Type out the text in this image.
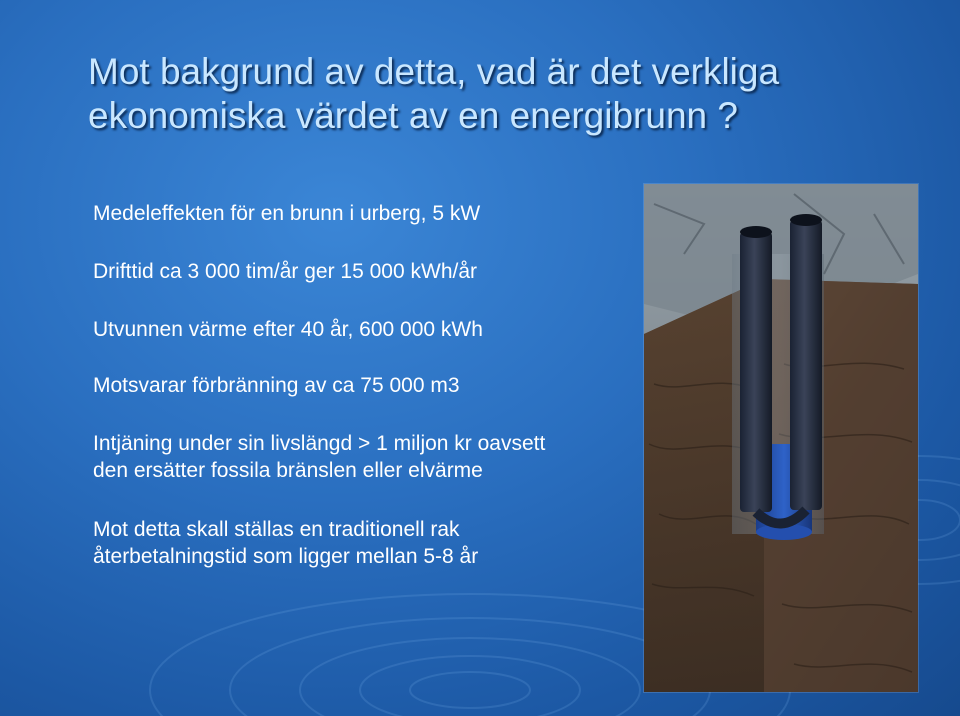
Mot bakgrund av detta, vad är det verkliga
ekonomiska värdet av en energibrunn ?
Medeleffekten för en brunn i urberg, 5 kW
Drifttid ca 3 000 tim/år ger 15 000 kWh/år
Utvunnen värme efter 40 år, 600 000 kWh
Motsvarar förbränning av ca 75 000 m3
Intjäning under sin livslängd > 1 miljon kr oavsett
den ersätter fossila bränslen eller elvärme
Mot detta skall ställas en traditionell rak
återbetalningstid som ligger mellan 5-8 år
